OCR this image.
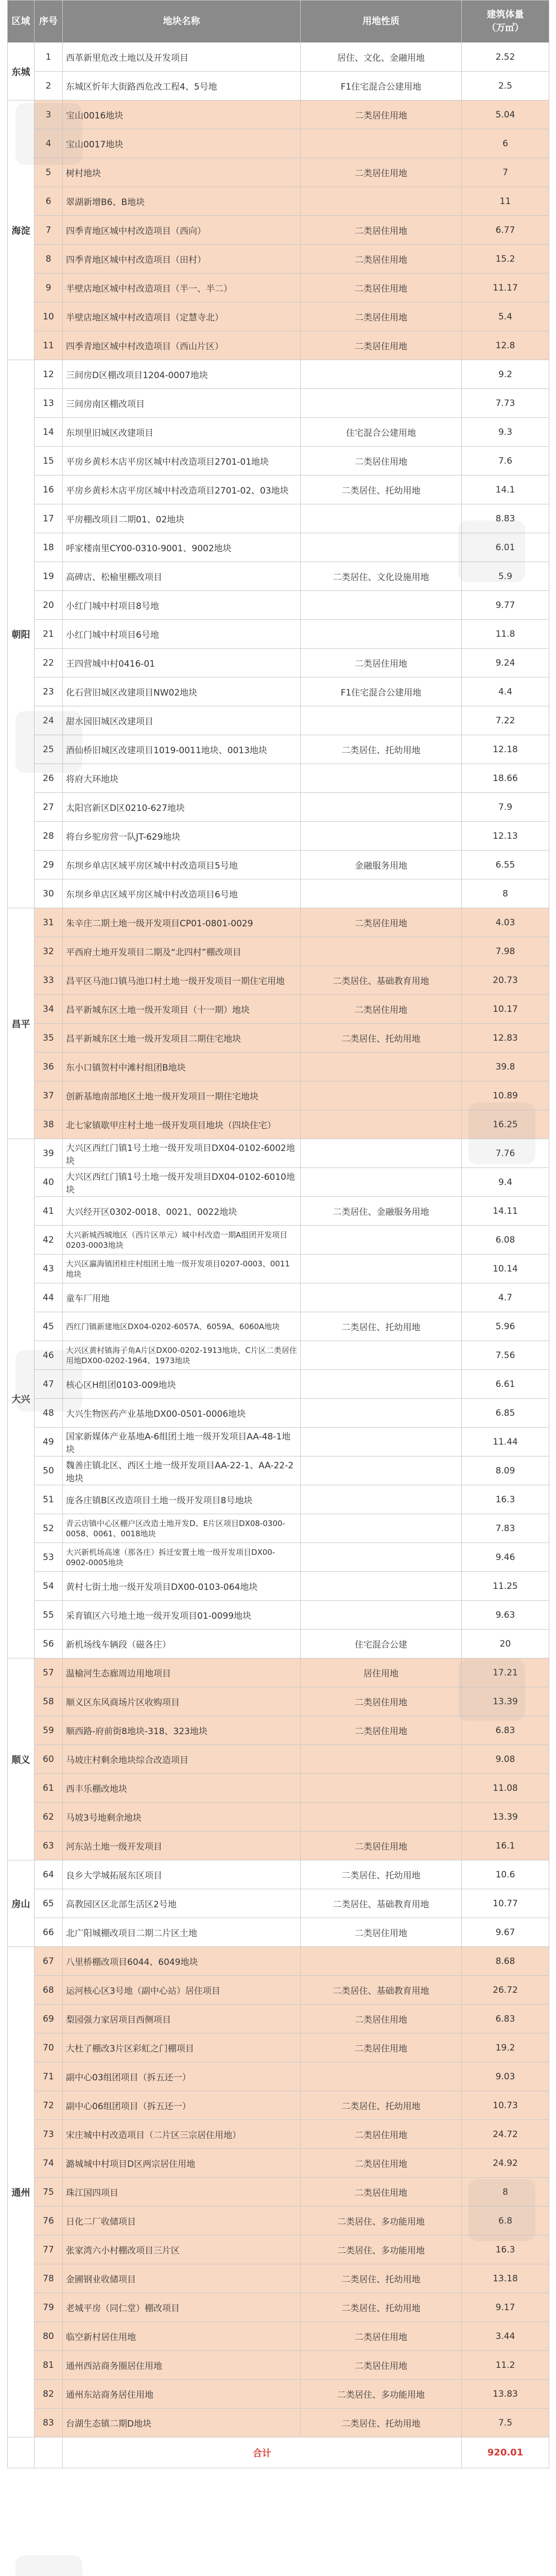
区域	序号	地块名称	用地性质	建筑体量
（万㎡）
东城	1	西革新里危改土地以及开发项目	居住、文化、金融用地	2.52
	2	东城区忻年大街路西危改工程4、5号地	F1住宅混合公建用地	2.5
海淀	3	宝山0016地块	二类居住用地	5.04
	4	宝山0017地块		6
	5	树村地块	二类居住用地	7
	6	翠湖新增B6、B地块		11
	7	四季青地区城中村改造项目（西向）	二类居住用地	6.77
	8	四季青地区城中村改造项目（田村）	二类居住用地	15.2
	9	半壁店地区城中村改造项目（半一、半二）	二类居住用地	11.17
	10	半壁店地区城中村改造项目（定慧寺北）	二类居住用地	5.4
	11	四季青地区城中村改造项目（西山片区）	二类居住用地	12.8
朝阳	12	三间房D区棚改项目1204-0007地块		9.2
	13	三间房南区棚改项目		7.73
	14	东坝里旧城区改建项目	住宅混合公建用地	9.3
	15	平房乡黄杉木店平房区城中村改造项目2701-01地块	二类居住用地	7.6
	16	平房乡黄杉木店平房区城中村改造项目2701-02、03地块	二类居住、托幼用地	14.1
	17	平房棚改项目二期01、02地块		8.83
	18	呼家楼南里CY00-0310-9001、9002地块		6.01
	19	高碑店、松榆里棚改项目	二类居住、文化设施用地	5.9
	20	小红门城中村项目8号地		9.77
	21	小红门城中村项目6号地		11.8
	22	王四营城中村0416-01	二类居住用地	9.24
	23	化石营旧城区改建项目NW02地块	F1住宅混合公建用地	4.4
	24	甜水园旧城区改建项目		7.22
	25	酒仙桥旧城区改建项目1019-0011地块、0013地块	二类居住、托幼用地	12.18
	26	将府大环地块		18.66
	27	太阳宫新区D区0210-627地块		7.9
	28	将台乡驼房营一队JT-629地块		12.13
	29	东坝乡单店区域平房区城中村改造项目5号地	金融服务用地	6.55
	30	东坝乡单店区域平房区城中村改造项目6号地		8
昌平	31	朱辛庄二期土地一级开发项目CP01-0801-0029	二类居住用地	4.03
	32	平西府土地开发项目二期及“北四村”棚改项目		7.98
	33	昌平区马池口镇马池口村土地一级开发项目一期住宅用地	二类居住、基础教育用地	20.73
	34	昌平新城东区土地一级开发项目（十一期）地块	二类居住用地	10.17
	35	昌平新城东区土地一级开发项目二期住宅地块	二类居住、托幼用地	12.83
	36	东小口镇贺村中滩村组团B地块		39.8
	37	创新基地南部地区土地一级开发项目一期住宅地块		10.89
	38	北七家镇歇甲庄村土地一级开发项目地块（四块住宅）		16.25
大兴	39	大兴区西红门镇1号土地一级开发项目DX04-0102-6002地块		7.76
	40	大兴区西红门镇1号土地一级开发项目DX04-0102-6010地块		9.4
	41	大兴经开区0302-0018、0021、0022地块	二类居住、金融服务用地	14.11
	42	大兴新城西城地区（西片区单元）城中村改造一期A组团开发项目0203-0003地块		6.08
	43	大兴区瀛海镇团桂庄村组团土地一级开发项目0207-0003、0011地块		10.14
	44	童车厂用地		4.7
	45	西红门镇新建地区DX04-0202-6057A、6059A、6060A地块	二类居住、托幼用地	5.96
	46	大兴区黄村镇海子角A片区DX00-0202-1913地块、C片区二类居住用地DX00-0202-1964、1973地块		7.56
	47	核心区H组团0103-009地块		6.61
	48	大兴生物医药产业基地DX00-0501-0006地块		6.85
	49	国家新媒体产业基地A-6组团土地一级开发项目AA-48-1地块		11.44
	50	魏善庄镇北区、西区土地一级开发项目AA-22-1、AA-22-2地块		8.09
	51	庞各庄镇B区改造项目土地一级开发项目8号地块		16.3
	52	青云店镇中心区棚户区改造土地开发D、E片区项目DX08-0300-0058、0061、0018地块		7.83
	53	大兴新机场高速（那各庄）拆迁安置土地一级开发项目DX00-0902-0005地块		9.46
	54	黄村七街土地一级开发项目DX00-0103-064地块		11.25
	55	采育镇区六号地土地一级开发项目01-0099地块		9.63
	56	新机场线车辆段（磁各庄）	住宅混合公建	20
顺义	57	温榆河生态廊周边用地项目	居住用地	17.21
	58	顺义区东风商场片区收购项目	二类居住用地	13.39
	59	顺西路-府前街8地块-318、323地块	二类居住用地	6.83
	60	马坡庄村剩余地块综合改造项目		9.08
	61	西丰乐棚改地块		11.08
	62	马坡3号地剩余地块		13.39
	63	河东站土地一级开发项目	二类居住用地	16.1
房山	64	良乡大学城拓展东区项目	二类居住、托幼用地	10.6
	65	高教园区区北部生活区2号地	二类居住、基础教育用地	10.77
	66	北广阳城棚改项目二期二片区土地	二类居住用地	9.67
通州	67	八里桥棚改项目6044、6049地块		8.68
	68	运河核心区3号地（副中心站）居住项目	二类居住、基础教育用地	26.72
	69	梨园强力家居项目西侧项目	二类居住用地	6.83
	70	大杜了棚改3片区彩虹之门棚项目	二类居住用地	19.2
	71	副中心03组团项目（拆五还一）		9.03
	72	副中心06组团项目（拆五还一）	二类居住、托幼用地	10.73
	73	宋庄城中村改造项目（二片区三宗居住用地）	二类居住用地	24.72
	74	潞城城中村项目D区两宗居住用地	二类居住用地	24.92
	75	珠江国四项目	二类居住用地	8
	76	日化二厂收储项目	二类居住、多功能用地	6.8
	77	张家湾六小村棚改项目三片区	二类居住、多功能用地	16.3
	78	金圃钢业收储项目	二类居住、托幼用地	13.18
	79	老城平房（同仁堂）棚改项目	二类居住、托幼用地	9.17
	80	临空新村居住用地	二类居住用地	3.44
	81	通州西站商务圈居住用地	二类居住用地	11.2
	82	通州东站商务居住用地	二类居住、多功能用地	13.83
	83	台湖生态镇二期D地块	二类居住、托幼用地	7.5
		合计		920.01
